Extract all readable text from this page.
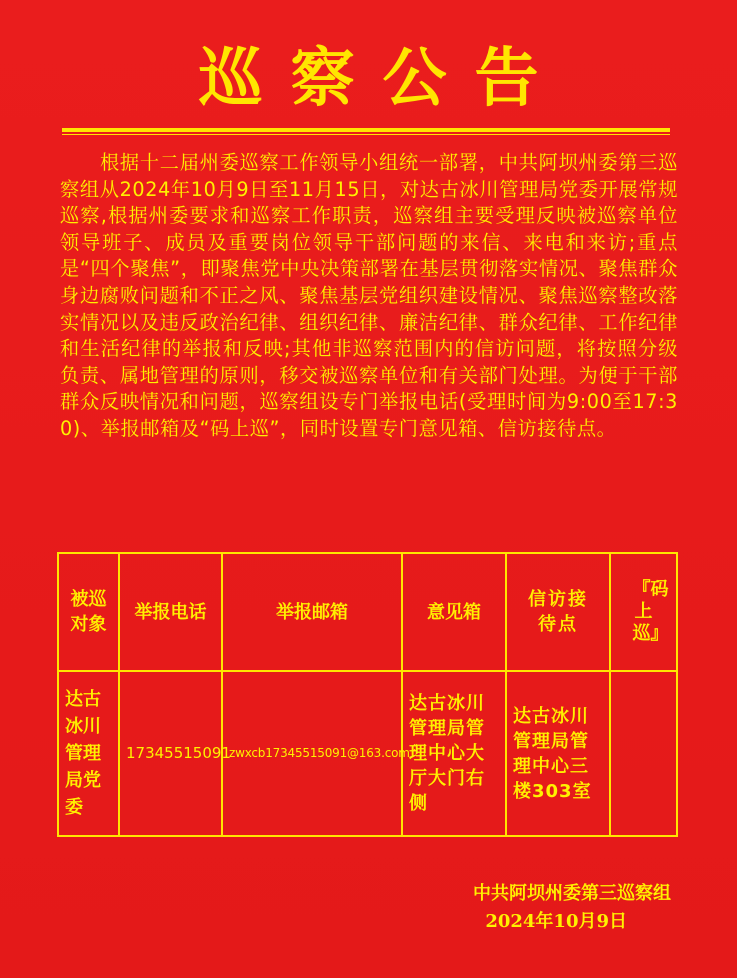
巡察公告
根据十二届州委巡察工作领导小组统一部署，中共阿坝州委第三巡察组从2024年10月9日至11月15日，对达古冰川管理局党委开展常规巡察,根据州委要求和巡察工作职责，巡察组主要受理反映被巡察单位领导班子、成员及重要岗位领导干部问题的来信、来电和来访;重点是“四个聚焦”，即聚焦党中央决策部署在基层贯彻落实情况、聚焦群众身边腐败问题和不正之风、聚焦基层党组织建设情况、聚焦巡察整改落实情况以及违反政治纪律、组织纪律、廉洁纪律、群众纪律、工作纪律和生活纪律的举报和反映;其他非巡察范围内的信访问题，将按照分级负责、属地管理的原则，移交被巡察单位和有关部门处理。为便于干部群众反映情况和问题，巡察组设专门举报电话(受理时间为9:00至17:30)、举报邮箱及“码上巡”，同时设置专门意见箱、信访接待点。
被巡对象	举报电话	举报邮箱	意见箱	信访接待点	『码上巡』
达古冰川管理局党委	17345515091	zwxcb17345515091@163.com	达古冰川管理局管理中心大厅大门右侧	达古冰川管理局管理中心三楼303室	
中共阿坝州委第三巡察组
2024年10月9日
